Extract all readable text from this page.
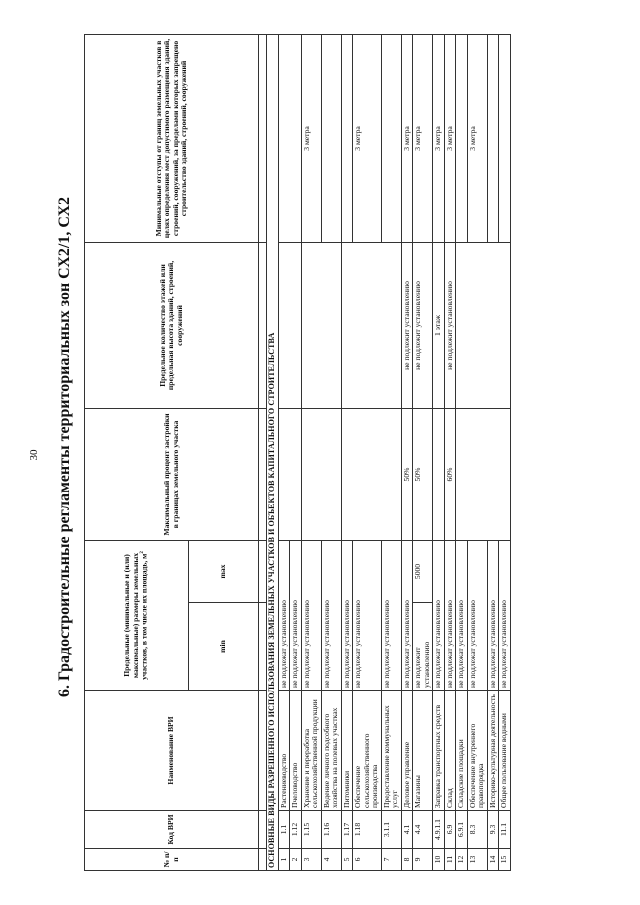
30 6. Градостроительные регламенты территориальных зон СХ2/1, СХ2
№ п/п	Код ВРИ	Наименование ВРИ	Предельные (минимальные и (или) максимальные) размеры земельных участков, в том числе их площадь, $м^2$		Максимальный процент застройки в границах земельного участка	Предельное количество этажей или предельная высота зданий, строений, сооружений	Минимальные отступы от границ земельных участков в целях определения мест допустимого размещения зданий, строений, сооружений, за пределами которых запрещено строительство зданий, строений, сооружений
			min	max			

ОСНОВНЫЕ ВИДЫ РАЗРЕШЕННОГО ИСПОЛЬЗОВАНИЯ ЗЕМЕЛЬНЫХ УЧАСТКОВ И ОБЪЕКТОВ КАПИТАЛЬНОГО СТРОИТЕЛЬСТВА							
1	1.1	Растениеводство	не подлежат установлению				
2	1.12	Пчеловодство	не подлежат установлению				
3	1.15	Хранение и переработка сельскохозяйственной продукции	не подлежат установлению				3 метра
4	1.16	Ведение личного подсобного хозяйства на полевых участках	не подлежат установлению				
5	1.17	Питомники	не подлежат установлению				
6	1.18	Обеспечение сельскохозяйственного производства	не подлежат установлению				3 метра
7	3.1.1	Предоставление коммунальных услуг	не подлежат установлению				
8	4.1	Деловое управление	не подлежат установлению		50%	не подлежит установлению	3 метра
9	4.4	Магазины	не подлежит установлению	5000	50%	не подлежит установлению	3 метра
10	4.9.1.1	Заправка транспортных средств	не подлежат установлению			1 этаж	3 метра
11	6.9	Склад	не подлежат установлению		60%	не подлежит установлению	3 метра
12	6.9.1	Складские площадки	не подлежат установлению				
13	8.3	Обеспечение внутреннего правопорядка	не подлежат установлению				3 метра
14	9.3	Историко-культурная деятельность	не подлежат установлению				
15	11.1	Общее пользование водными	не подлежат установлению				
